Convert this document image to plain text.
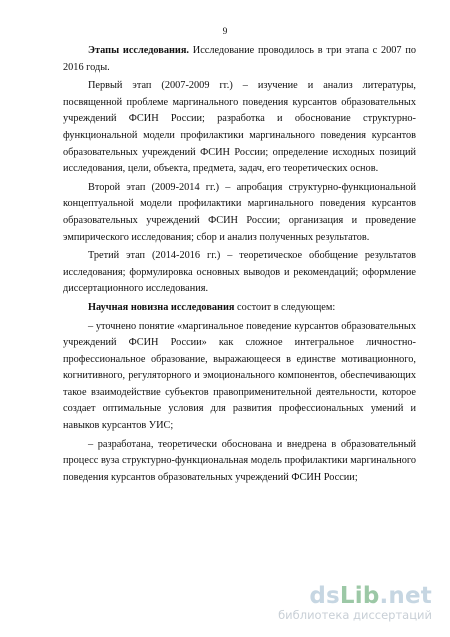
9

Этапы исследования. Исследование проводилось в три этапа с 2007 по 2016 годы.

Первый этап (2007-2009 гг.) – изучение и анализ литературы, посвященной проблеме маргинального поведения курсантов образовательных учреждений ФСИН России; разработка и обоснование структурно-функциональной модели профилактики маргинального поведения курсантов образовательных учреждений ФСИН России; определение исходных позиций исследования, цели, объекта, предмета, задач, его теоретических основ.

Второй этап (2009-2014 гг.) – апробация структурно-функциональной концептуальной модели профилактики маргинального поведения курсантов образовательных учреждений ФСИН России; организация и проведение эмпирического исследования; сбор и анализ полученных результатов.

Третий этап (2014-2016 гг.) – теоретическое обобщение результатов исследования; формулировка основных выводов и рекомендаций; оформление диссертационного исследования.

Научная новизна исследования состоит в следующем:

– уточнено понятие «маргинальное поведение курсантов образовательных учреждений ФСИН России» как сложное интегральное личностно-профессиональное образование, выражающееся в единстве мотивационного, когнитивного, регуляторного и эмоционального компонентов, обеспечивающих такое взаимодействие субъектов правоприменительной деятельности, которое создает оптимальные условия для развития профессиональных умений и навыков курсантов УИС;

– разработана, теоретически обоснована и внедрена в образовательный процесс вуза структурно-функциональная модель профилактики маргинального поведения курсантов образовательных учреждений ФСИН России;

dsLib.net
библиотека диссертаций
